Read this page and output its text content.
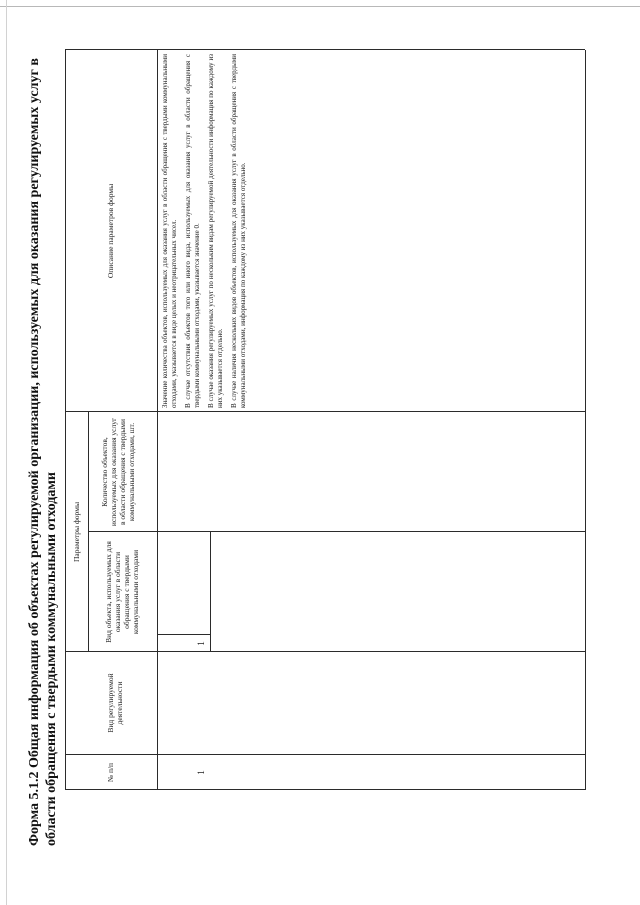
Форма 5.1.2 Общая информация об объектах регулируемой организации, используемых для оказания регулируемых услуг в области обращения с твердыми коммунальными отходами	№ п/п
Вид регулируемой деятельности
Параметры формы
Вид объекта, используемых для оказания услуг в области обращения с твердыми коммунальными отходами
Количество объектов, используемых для оказания услуг в области обращения с твердыми коммунальными отходами, шт.
Описание параметров формы
1
1

Значение количества объектов, используемых для оказания услуг в области обращения с твердыми коммунальными отходами, указывается в виде целых и неотрицательных чисел. В случае отсутствия объектов того или иного вида, используемых для оказания услуг в области обращения с твердыми коммунальными отходами, указывается значение 0. В случае оказания регулируемых услуг по нескольким видам регулируемой деятельности информация по каждому из них указывается отдельно. В случае наличия нескольких видов объектов, используемых для оказания услуг в области обращения с твердыми коммунальными отходами, информация по каждому из них указывается отдельно.
